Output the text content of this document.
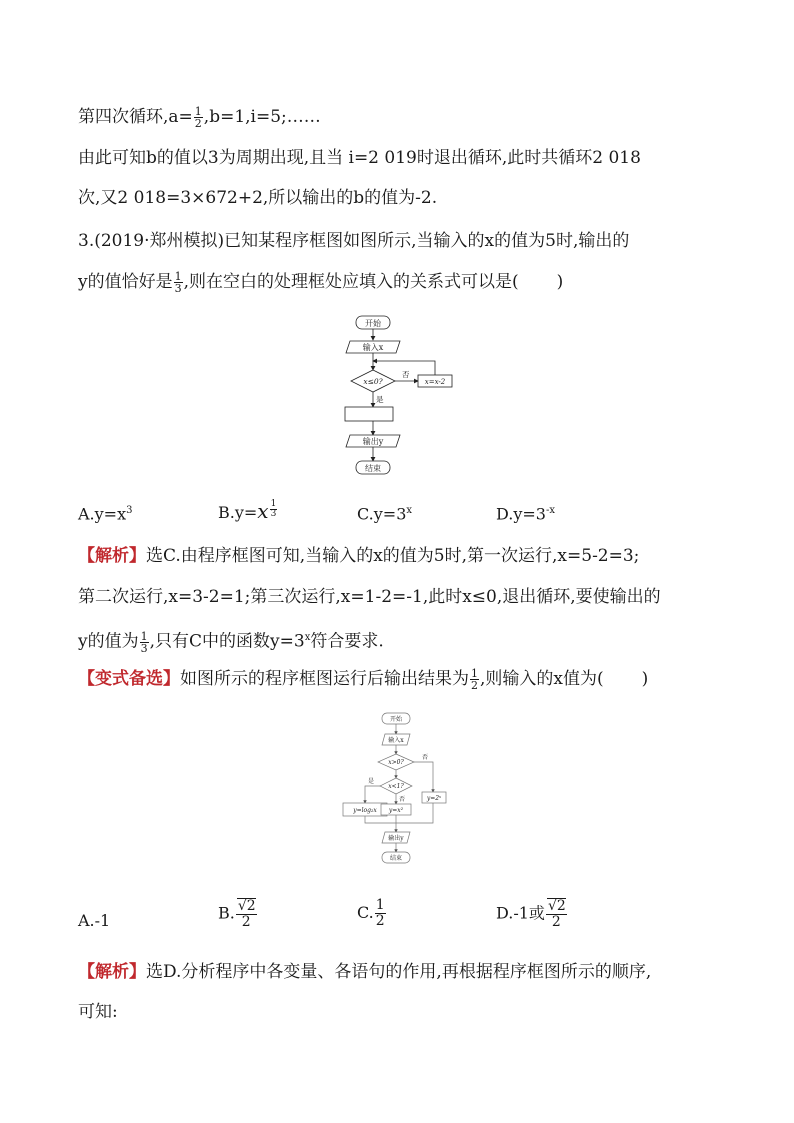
第四次循环$,a= \frac{1}{2}$ ,b=1,i=5;……
由此可知b的值以3为周期出现,且当 i=2 019时退出循环,此时共循环2 018
次,又2 018=3×672+2,所以输出的b的值为-2.
3.(2019·郑州模拟)已知某程序框图如图所示,当输入的x的值为5时,输出的
y的值恰好是 $\frac{1}{3}$ ,则在空白的处理框处应填入的关系式可以是( )
开始
输入x
x≤0?
否
x=x-2
是
输出y
结束
$A.y=x^3$	$B.y=x \frac{1}{3}$	$C.y=3^x$	$D.y=3^{-x}$
【解析】选C.由程序框图可知,当输入的x的值为5时,第一次运行,x=5-2=3;
第二次运行,x=3-2=1;第三次运行,x=1-2=-1,此时x≤0,退出循环,要使输出的
y的值为 $\frac{1}{3}$ ,只有C中的函数$y=3^x$符合要求.
【变式备选】如图所示的程序框图运行后输出结果为 $\frac{1}{2}$ ,则输入的x值为( )
开始
输入x
x>0?
否
x<1?
是
否
y=log₂x y=x²
y=2ˣ
输出y
结束
A.-1	B. $\frac{√2}{2}$	C. $\frac{1}{2}$	D.-1或 $\frac{√2}{2}$
【解析】选D.分析程序中各变量、各语句的作用,再根据程序框图所示的顺序,
可知:
